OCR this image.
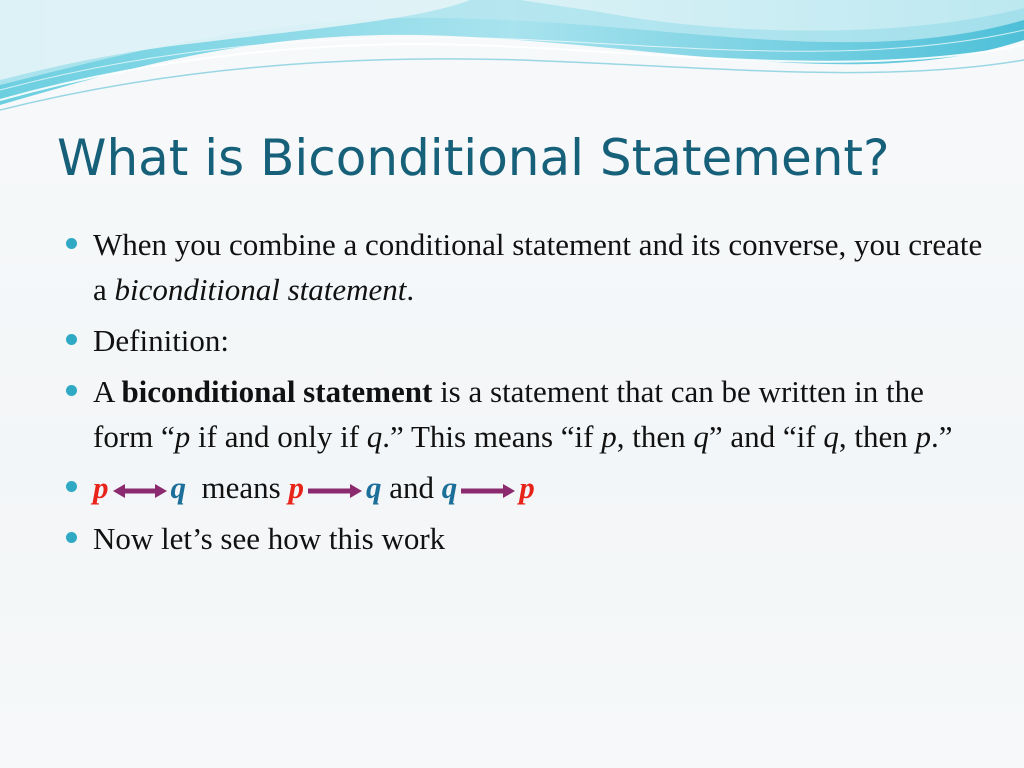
What is Biconditional Statement?
When you combine a conditional statement and its converse, you create a biconditional statement.
Definition:
A biconditional statement is a statement that can be written in the form “p if and only if q.” This means “if p, then q” and “if q, then p.”
p q means p q and q p
Now let’s see how this work
